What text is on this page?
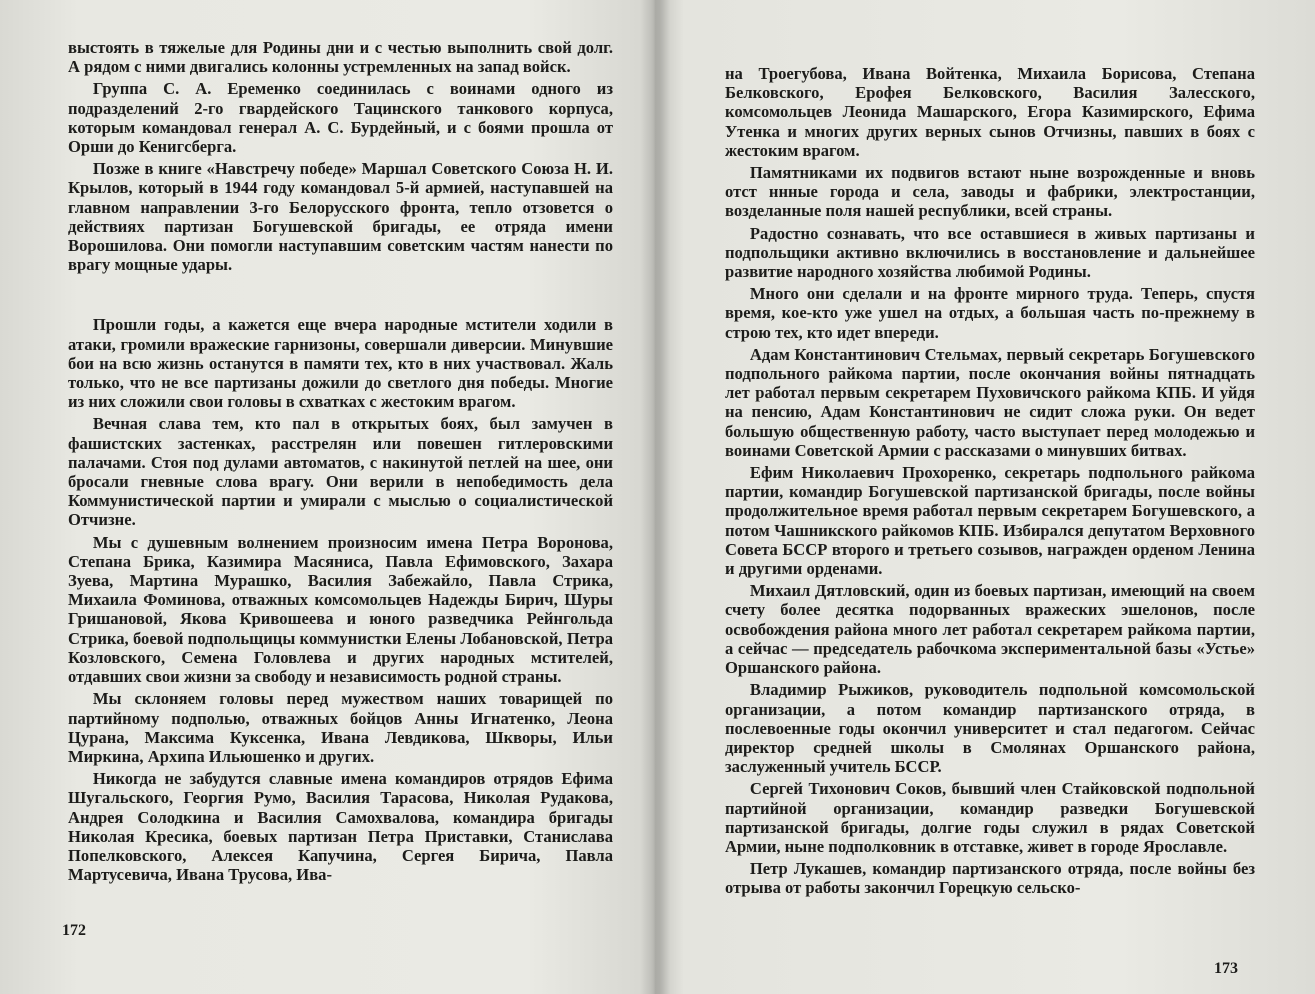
выстоять в тяжелые для Родины дни и с честью выполнить свой долг. А рядом с ними двигались колонны устремленных на запад войск.

Группа С. А. Еременко соединилась с воинами одного из подразделений 2-го гвардейского Тацинского танкового корпуса, которым командовал генерал А. С. Бурдейный, и с боями прошла от Орши до Кенигсберга.

Позже в книге «Навстречу победе» Маршал Советского Союза Н. И. Крылов, который в 1944 году командовал 5-й армией, наступавшей на главном направлении 3-го Белорусского фронта, тепло отзовется о действиях партизан Богушевской бригады, ее отряда имени Ворошилова. Они помогли наступавшим советским частям нанести по врагу мощные удары.

Прошли годы, а кажется еще вчера народные мстители ходили в атаки, громили вражеские гарнизоны, совершали диверсии. Минувшие бои на всю жизнь останутся в памяти тех, кто в них участвовал. Жаль только, что не все партизаны дожили до светлого дня победы. Многие из них сложили свои головы в схватках с жестоким врагом.

Вечная слава тем, кто пал в открытых боях, был замучен в фашистских застенках, расстрелян или повешен гитлеровскими палачами. Стоя под дулами автоматов, с накинутой петлей на шее, они бросали гневные слова врагу. Они верили в непобедимость дела Коммунистической партии и умирали с мыслью о социалистической Отчизне.

Мы с душевным волнением произносим имена Петра Воронова, Степана Брика, Казимира Масяниса, Павла Ефимовского, Захара Зуева, Мартина Мурашко, Василия Забежайло, Павла Стрика, Михаила Фоминова, отважных комсомольцев Надежды Бирич, Шуры Гришановой, Якова Кривошеева и юного разведчика Рейнгольда Стрика, боевой подпольщицы коммунистки Елены Лобановской, Петра Козловского, Семена Головлева и других народных мстителей, отдавших свои жизни за свободу и независимость родной страны.

Мы склоняем головы перед мужеством наших товарищей по партийному подполью, отважных бойцов Анны Игнатенко, Леона Цурана, Максима Куксенка, Ивана Левдикова, Шкворы, Ильи Миркина, Архипа Ильюшенко и других.

Никогда не забудутся славные имена командиров отрядов Ефима Шугальского, Георгия Румо, Василия Тарасова, Николая Рудакова, Андрея Солодкина и Василия Самохвалова, командира бригады Николая Кресика, боевых партизан Петра Приставки, Станислава Попелковского, Алексея Капучина, Сергея Бирича, Павла Мартусевича, Ивана Трусова, Ива-

на Троегубова, Ивана Войтенка, Михаила Борисова, Степана Белковского, Ерофея Белковского, Василия Залесского, комсомольцев Леонида Машарского, Егора Казимирского, Ефима Утенка и многих других верных сынов Отчизны, павших в боях с жестоким врагом.

Памятниками их подвигов встают ныне возрожденные и вновь отст ннные города и села, заводы и фабрики, электростанции, возделанные поля нашей республики, всей страны.

Радостно сознавать, что все оставшиеся в живых партизаны и подпольщики активно включились в восстановление и дальнейшее развитие народного хозяйства любимой Родины.

Много они сделали и на фронте мирного труда. Теперь, спустя время, кое-кто уже ушел на отдых, а большая часть по-прежнему в строю тех, кто идет впереди.

Адам Константинович Стельмах, первый секретарь Богушевского подпольного райкома партии, после окончания войны пятнадцать лет работал первым секретарем Пуховичского райкома КПБ. И уйдя на пенсию, Адам Константинович не сидит сложа руки. Он ведет большую общественную работу, часто выступает перед молодежью и воинами Советской Армии с рассказами о минувших битвах.

Ефим Николаевич Прохоренко, секретарь подпольного райкома партии, командир Богушевской партизанской бригады, после войны продолжительное время работал первым секретарем Богушевского, а потом Чашникского райкомов КПБ. Избирался депутатом Верховного Совета БССР второго и третьего созывов, награжден орденом Ленина и другими орденами.

Михаил Дятловский, один из боевых партизан, имеющий на своем счету более десятка подорванных вражеских эшелонов, после освобождения района много лет работал секретарем райкома партии, а сейчас — председатель рабочкома экспериментальной базы «Устье» Оршанского района.

Владимир Рыжиков, руководитель подпольной комсомольской организации, а потом командир партизанского отряда, в послевоенные годы окончил университет и стал педагогом. Сейчас директор средней школы в Смолянах Оршанского района, заслуженный учитель БССР.

Сергей Тихонович Соков, бывший член Стайковской подпольной партийной организации, командир разведки Богушевской партизанской бригады, долгие годы служил в рядах Советской Армии, ныне подполковник в отставке, живет в городе Ярославле.

Петр Лукашев, командир партизанского отряда, после войны без отрыва от работы закончил Горецкую сельско-

172
173
